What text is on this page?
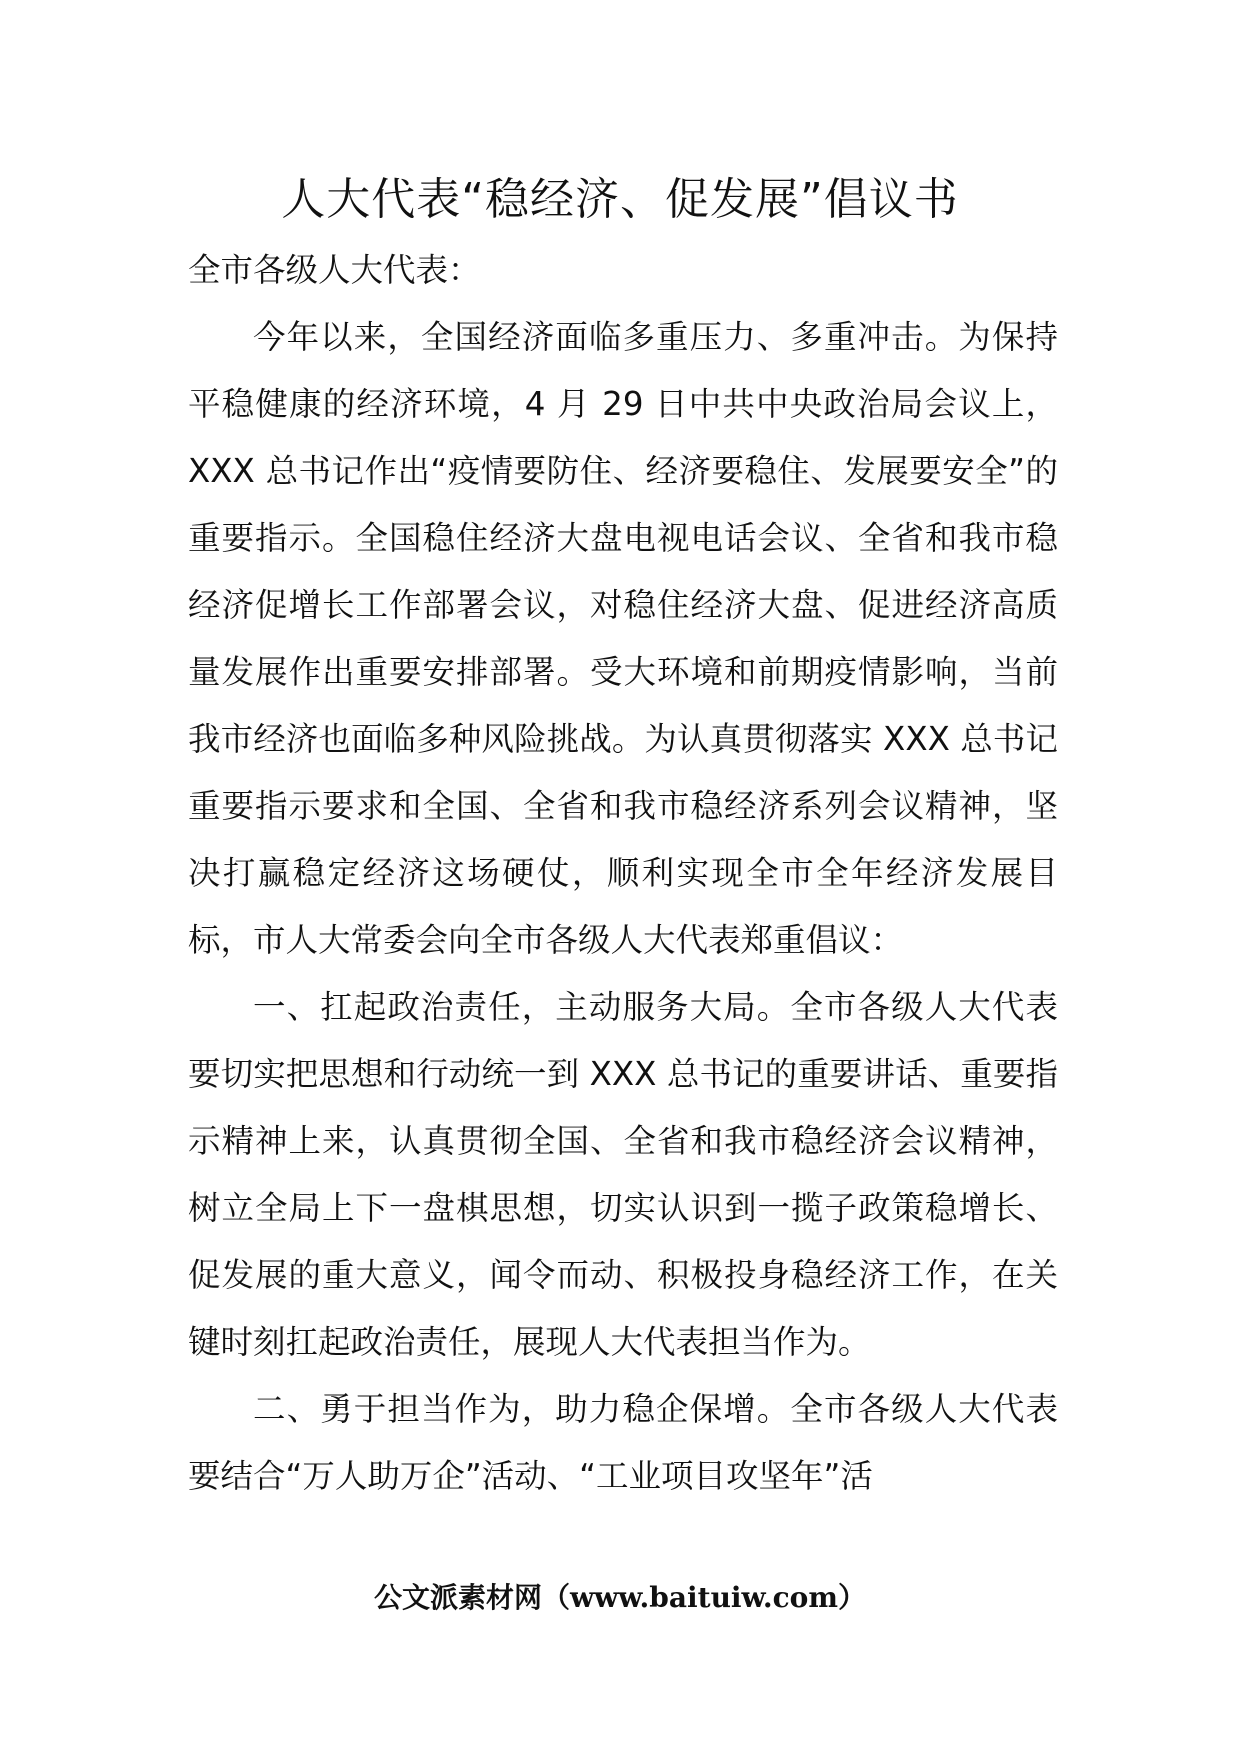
人大代表“稳经济、促发展”倡议书

全市各级人大代表：

今年以来，全国经济面临多重压力、多重冲击。为保持平稳健康的经济环境，4 月 29 日中共中央政治局会议上，XXX 总书记作出“疫情要防住、经济要稳住、发展要安全”的重要指示。全国稳住经济大盘电视电话会议、全省和我市稳经济促增长工作部署会议，对稳住经济大盘、促进经济高质量发展作出重要安排部署。受大环境和前期疫情影响，当前我市经济也面临多种风险挑战。为认真贯彻落实 XXX 总书记重要指示要求和全国、全省和我市稳经济系列会议精神，坚决打赢稳定经济这场硬仗，顺利实现全市全年经济发展目标，市人大常委会向全市各级人大代表郑重倡议：

一、扛起政治责任，主动服务大局。全市各级人大代表要切实把思想和行动统一到 XXX 总书记的重要讲话、重要指示精神上来，认真贯彻全国、全省和我市稳经济会议精神，树立全局上下一盘棋思想，切实认识到一揽子政策稳增长、促发展的重大意义，闻令而动、积极投身稳经济工作，在关键时刻扛起政治责任，展现人大代表担当作为。

二、勇于担当作为，助力稳企保增。全市各级人大代表要结合“万人助万企”活动、“工业项目攻坚年”活

公文派素材网（www.baituiw.com）
